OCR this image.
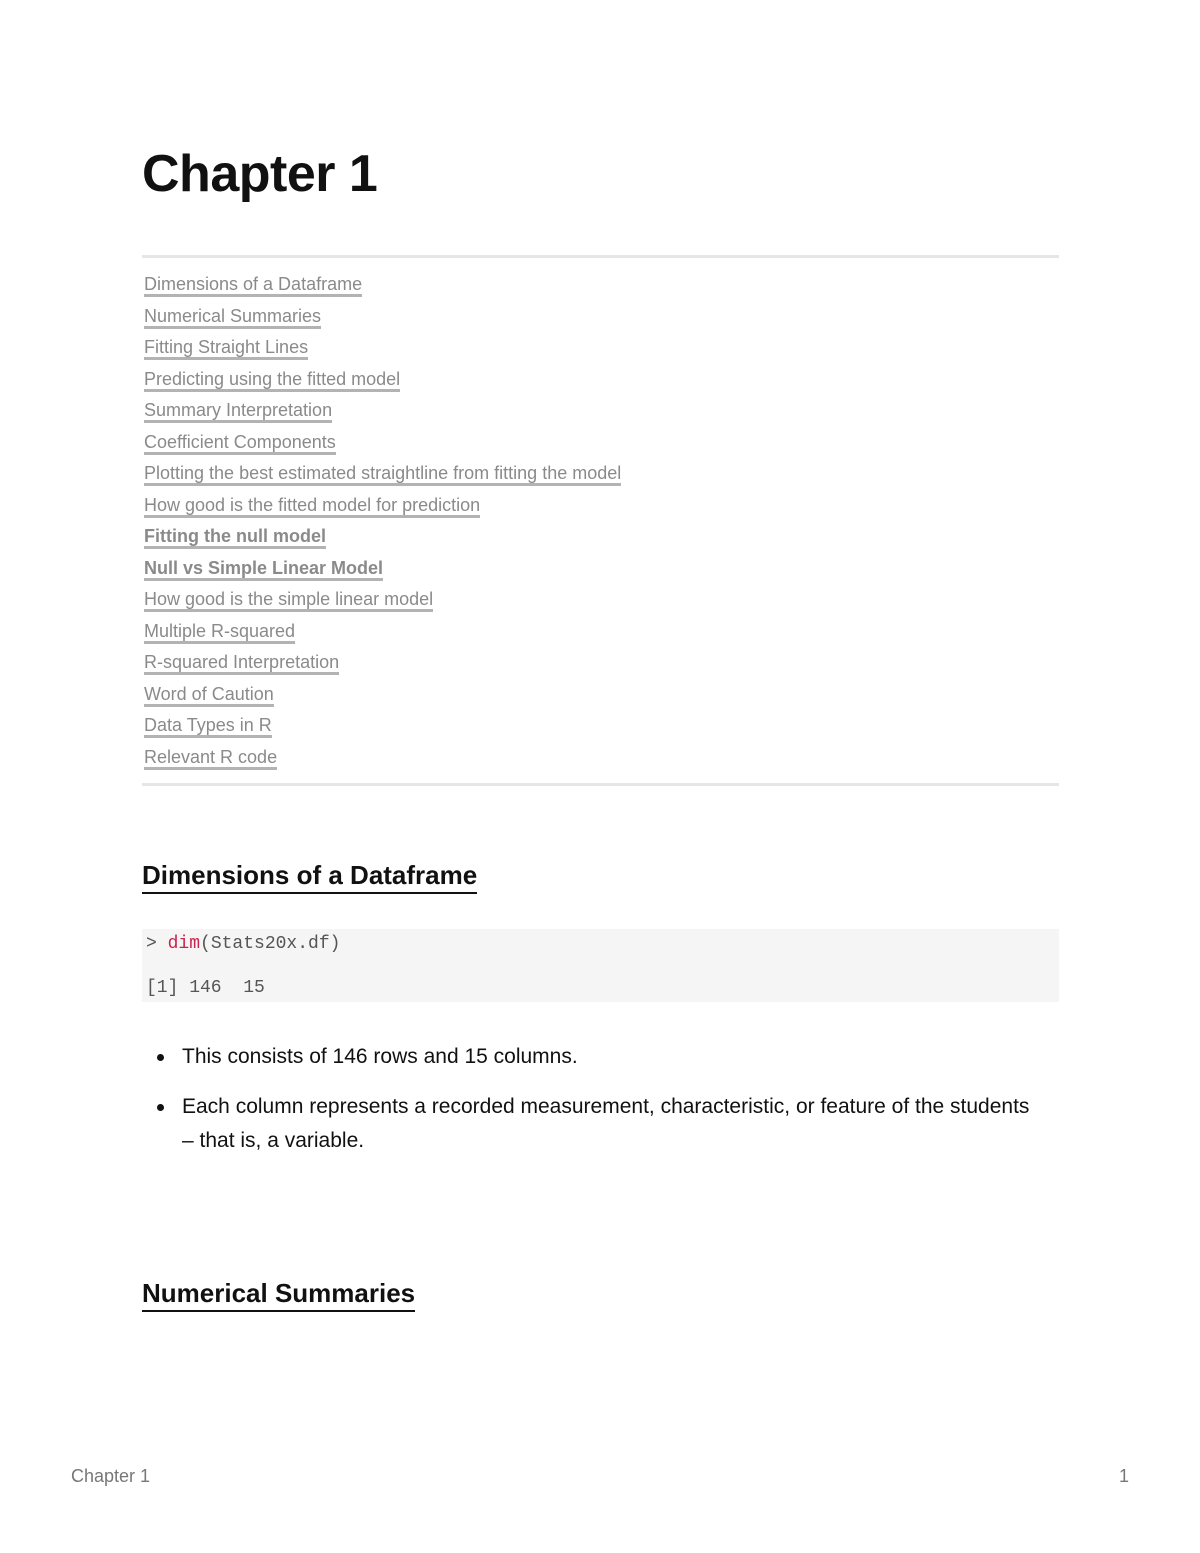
Chapter 1
Dimensions of a Dataframe
Numerical Summaries
Fitting Straight Lines
Predicting using the fitted model
Summary Interpretation
Coefficient Components
Plotting the best estimated straightline from fitting the model
How good is the fitted model for prediction
Fitting the null model
Null vs Simple Linear Model
How good is the simple linear model
Multiple R-squared
R-squared Interpretation
Word of Caution
Data Types in R
Relevant R code
Dimensions of a Dataframe
> dim(Stats20x.df)
[1] 146  15
This consists of 146 rows and 15 columns.
Each column represents a recorded measurement, characteristic, or feature of the students – that is, a variable.
Numerical Summaries
Chapter 1	1
